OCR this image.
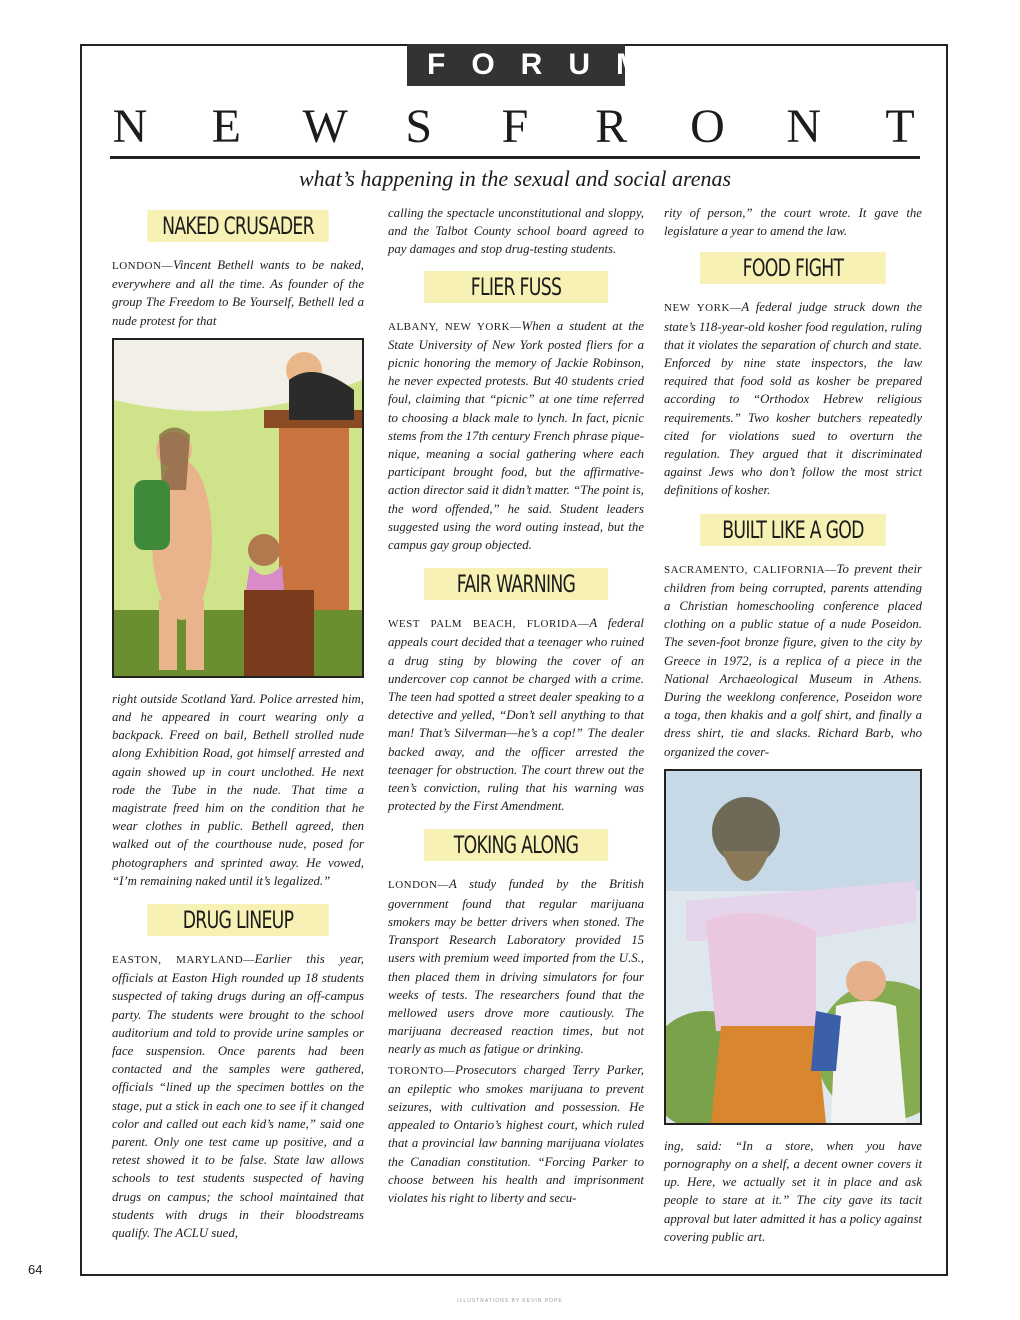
FORUM
N E W S F R O N T
what’s happening in the sexual and social arenas
NAKED CRUSADER

LONDON—Vincent Bethell wants to be naked, everywhere and all the time. As founder of the group The Freedom to Be Yourself, Bethell led a nude protest for that

right outside Scotland Yard. Police arrested him, and he appeared in court wearing only a backpack. Freed on bail, Bethell strolled nude along Exhibition Road, got himself arrested and again showed up in court unclothed. He next rode the Tube in the nude. That time a magistrate freed him on the condition that he wear clothes in public. Bethell agreed, then walked out of the courthouse nude, posed for photographers and sprinted away. He vowed, “I’m remaining naked until it’s legalized.”

DRUG LINEUP

EASTON, MARYLAND—Earlier this year, officials at Easton High rounded up 18 students suspected of taking drugs during an off-campus party. The students were brought to the school auditorium and told to provide urine samples or face suspension. Once parents had been contacted and the samples were gathered, officials “lined up the specimen bottles on the stage, put a stick in each one to see if it changed color and called out each kid’s name,” said one parent. Only one test came up positive, and a retest showed it to be false. State law allows schools to test students suspected of having drugs on campus; the school maintained that students with drugs in their bloodstreams qualify. The ACLU sued,

calling the spectacle unconstitutional and sloppy, and the Talbot County school board agreed to pay damages and stop drug-testing students.

FLIER FUSS

ALBANY, NEW YORK—When a student at the State University of New York posted fliers for a picnic honoring the memory of Jackie Robinson, he never expected protests. But 40 students cried foul, claiming that “picnic” at one time referred to choosing a black male to lynch. In fact, picnic stems from the 17th century French phrase pique-nique, meaning a social gathering where each participant brought food, but the affirmative-action director said it didn’t matter. “The point is, the word offended,” he said. Student leaders suggested using the word outing instead, but the campus gay group objected.

FAIR WARNING

WEST PALM BEACH, FLORIDA—A federal appeals court decided that a teenager who ruined a drug sting by blowing the cover of an undercover cop cannot be charged with a crime. The teen had spotted a street dealer speaking to a detective and yelled, “Don’t sell anything to that man! That’s Silverman—he’s a cop!” The dealer backed away, and the officer arrested the teenager for obstruction. The court threw out the teen’s conviction, ruling that his warning was protected by the First Amendment.

TOKING ALONG

LONDON—A study funded by the British government found that regular marijuana smokers may be better drivers when stoned. The Transport Research Laboratory provided 15 users with premium weed imported from the U.S., then placed them in driving simulators for four weeks of tests. The researchers found that the mellowed users drove more cautiously. The marijuana decreased reaction times, but not nearly as much as fatigue or drinking.

TORONTO—Prosecutors charged Terry Parker, an epileptic who smokes marijuana to prevent seizures, with cultivation and possession. He appealed to Ontario’s highest court, which ruled that a provincial law banning marijuana violates the Canadian constitution. “Forcing Parker to choose between his health and imprisonment violates his right to liberty and secu-

rity of person,” the court wrote. It gave the legislature a year to amend the law.

FOOD FIGHT

NEW YORK—A federal judge struck down the state’s 118-year-old kosher food regulation, ruling that it violates the separation of church and state. Enforced by nine state inspectors, the law required that food sold as kosher be prepared according to “Orthodox Hebrew religious requirements.” Two kosher butchers repeatedly cited for violations sued to overturn the regulation. They argued that it discriminated against Jews who don’t follow the most strict definitions of kosher.

BUILT LIKE A GOD

SACRAMENTO, CALIFORNIA—To prevent their children from being corrupted, parents attending a Christian homeschooling conference placed clothing on a public statue of a nude Poseidon. The seven-foot bronze figure, given to the city by Greece in 1972, is a replica of a piece in the National Archaeological Museum in Athens. During the weeklong conference, Poseidon wore a toga, then khakis and a golf shirt, and finally a dress shirt, tie and slacks. Richard Barb, who organized the cover-

ing, said: “In a store, when you have pornography on a shelf, a decent owner covers it up. Here, we actually set it in place and ask people to stare at it.” The city gave its tacit approval but later admitted it has a policy against covering public art.

64
ILLUSTRATIONS BY KEVIN POPE
